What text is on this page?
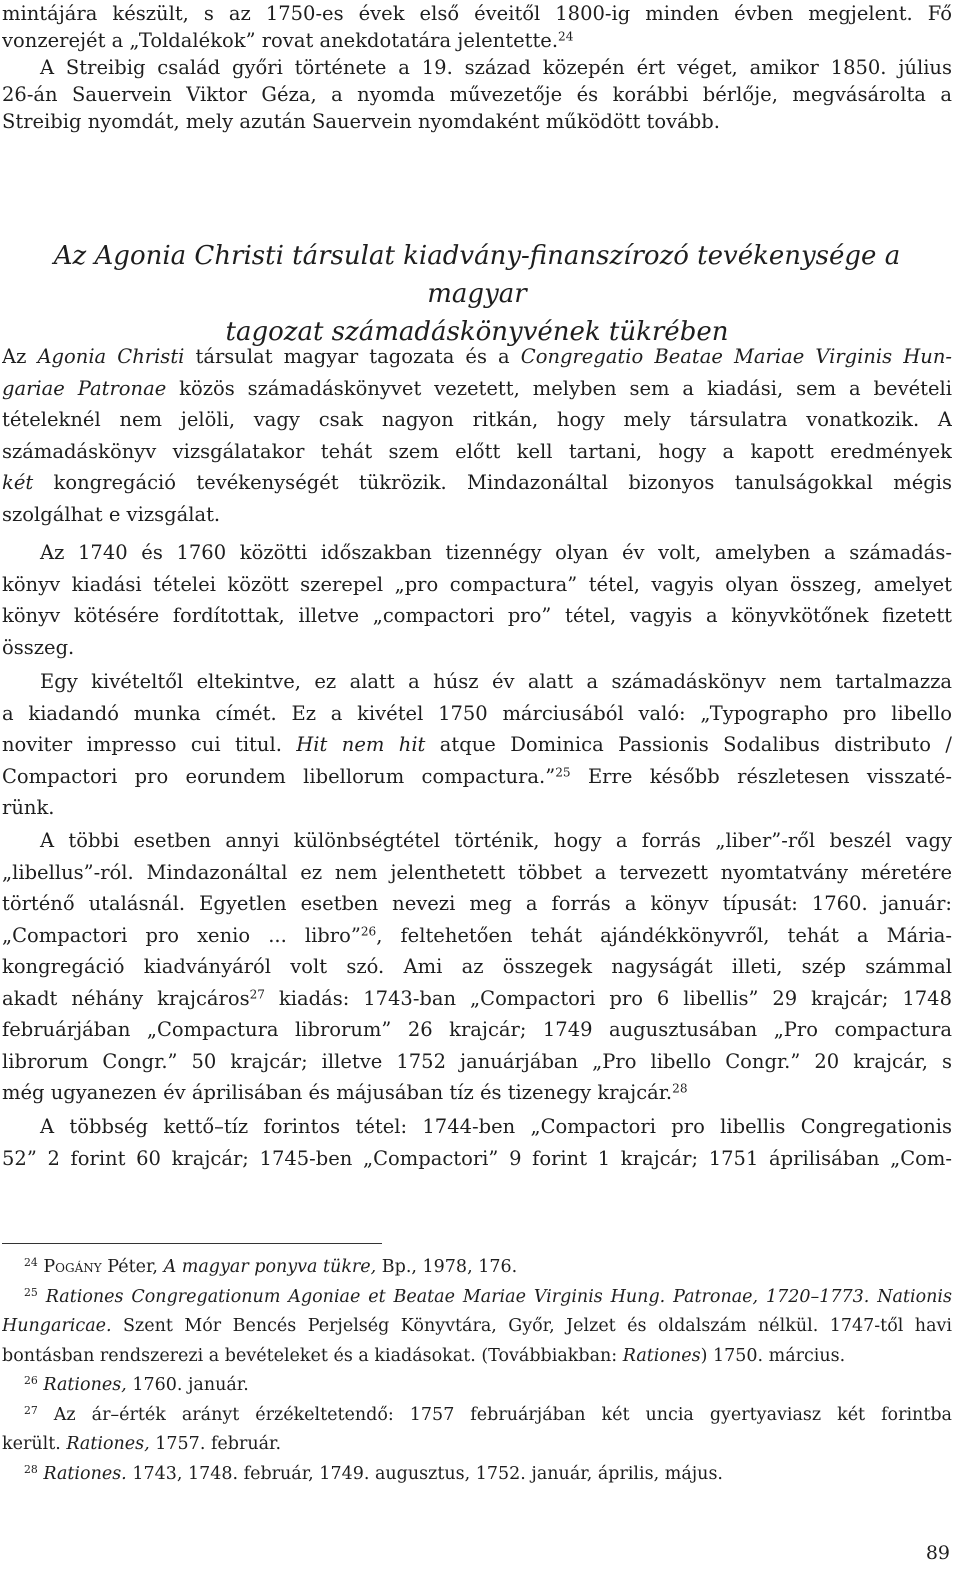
mintájára készült, s az 1750-es évek első éveitől 1800-ig minden évben megjelent. Fő
vonzerejét a „Toldalékok” rovat anekdotatára jelentette.$^{24}$
A Streibig család győri története a 19. század közepén ért véget, amikor 1850. július
26-án Sauervein Viktor Géza, a nyomda művezetője és korábbi bérlője, megvásárolta a
Streibig nyomdát, mely azután Sauervein nyomdaként működött tovább.
Az Agonia Christi társulat kiadvány-finanszírozó tevékenysége a magyar
tagozat számadáskönyvének tükrében
Az Agonia Christi társulat magyar tagozata és a Congregatio Beatae Mariae Virginis Hun-
gariae Patronae közös számadáskönyvet vezetett, melyben sem a kiadási, sem a bevételi
tételeknél nem jelöli, vagy csak nagyon ritkán, hogy mely társulatra vonatkozik. A
számadáskönyv vizsgálatakor tehát szem előtt kell tartani, hogy a kapott eredmények
két kongregáció tevékenységét tükrözik. Mindazonáltal bizonyos tanulságokkal mégis
szolgálhat e vizsgálat.
Az 1740 és 1760 közötti időszakban tizennégy olyan év volt, amelyben a számadás-
könyv kiadási tételei között szerepel „pro compactura” tétel, vagyis olyan összeg, amelyet
könyv kötésére fordítottak, illetve „compactori pro” tétel, vagyis a könyvkötőnek fizetett
összeg.
Egy kivételtől eltekintve, ez alatt a húsz év alatt a számadáskönyv nem tartalmazza
a kiadandó munka címét. Ez a kivétel 1750 márciusából való: „Typographo pro libello
noviter impresso cui titul. Hit nem hit atque Dominica Passionis Sodalibus distributo /
Compactori pro eorundem libellorum compactura.”$^{25}$ Erre később részletesen visszaté-
rünk.
A többi esetben annyi különbségtétel történik, hogy a forrás „liber”-ről beszél vagy
„libellus”-ról. Mindazonáltal ez nem jelenthetett többet a tervezett nyomtatvány méretére
történő utalásnál. Egyetlen esetben nevezi meg a forrás a könyv típusát: 1760. január:
„Compactori pro xenio ... libro”$^{26}$, feltehetően tehát ajándékkönyvről, tehát a Mária-
kongregáció kiadványáról volt szó. Ami az összegek nagyságát illeti, szép számmal
akadt néhány krajcáros$^{27}$ kiadás: 1743-ban „Compactori pro 6 libellis” 29 krajcár; 1748
februárjában „Compactura librorum” 26 krajcár; 1749 augusztusában „Pro compactura
librorum Congr.” 50 krajcár; illetve 1752 januárjában „Pro libello Congr.” 20 krajcár, s
még ugyanezen év áprilisában és májusában tíz és tizenegy krajcár.$^{28}$
A többség kettő–tíz forintos tétel: 1744-ben „Compactori pro libellis Congregationis
52” 2 forint 60 krajcár; 1745-ben „Compactori” 9 forint 1 krajcár; 1751 áprilisában „Com-
$^{24}$ Pogány Péter, A magyar ponyva tükre, Bp., 1978, 176.
$^{25}$ Rationes Congregationum Agoniae et Beatae Mariae Virginis Hung. Patronae, 1720–1773. Nationis
Hungaricae. Szent Mór Bencés Perjelség Könyvtára, Győr, Jelzet és oldalszám nélkül. 1747-től havi
bontásban rendszerezi a bevételeket és a kiadásokat. (Továbbiakban: Rationes) 1750. március.
$^{26}$ Rationes, 1760. január.
$^{27}$ Az ár–érték arányt érzékeltetendő: 1757 februárjában két uncia gyertyaviasz két forintba
került. Rationes, 1757. február.
$^{28}$ Rationes. 1743, 1748. február, 1749. augusztus, 1752. január, április, május.
89
